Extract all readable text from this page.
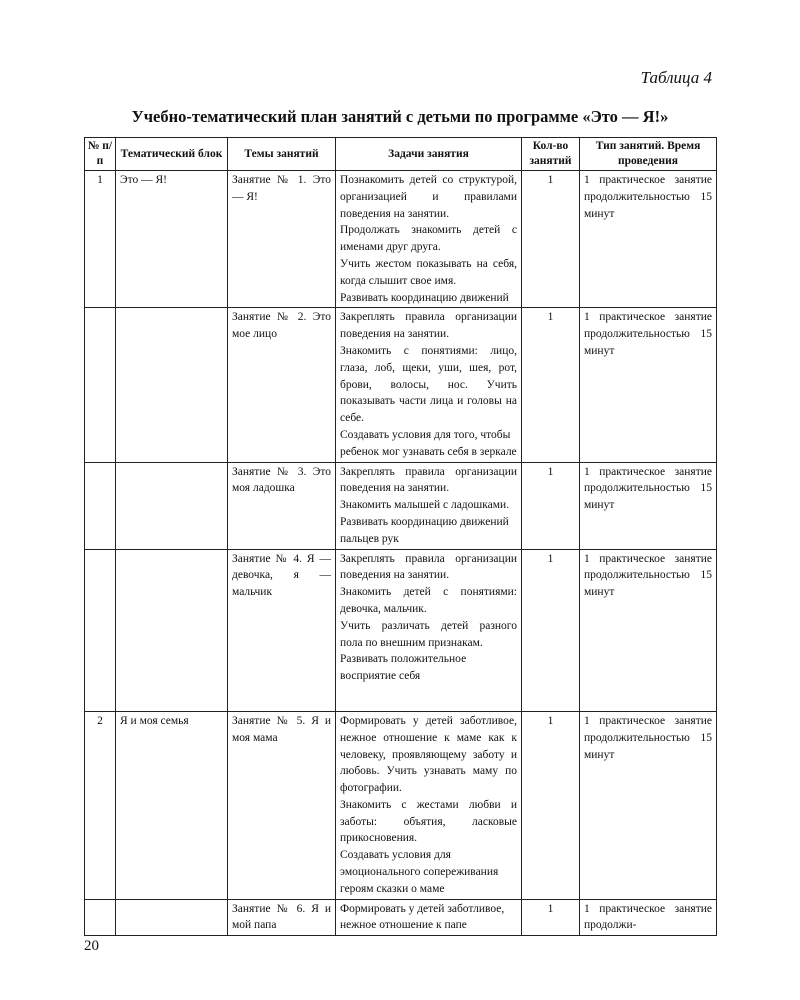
Таблица 4
Учебно-тематический план занятий с детьми по программе «Это — Я!»
№ п/п	Тематический блок	Темы занятий	Задачи занятия	Кол-во занятий	Тип занятий. Время проведения
1	Это — Я!	Занятие № 1. Это — Я!	Познакомить детей со структурой, организацией и правилами поведения на занятии.
Продолжать знакомить детей с именами друг друга.
Учить жестом показывать на себя, когда слышит свое имя.
Развивать координацию движений	1	1 практическое занятие продолжительностью 15 минут
		Занятие № 2. Это мое лицо	Закреплять правила организации поведения на занятии.
Знакомить с понятиями: лицо, глаза, лоб, щеки, уши, шея, рот, брови, волосы, нос. Учить показывать части лица и головы на себе.
Создавать условия для того, чтобы ребенок мог узнавать себя в зеркале	1	1 практическое занятие продолжительностью 15 минут
		Занятие № 3. Это моя ладошка	Закреплять правила организации поведения на занятии.
Знакомить малышей с ладошками.
Развивать координацию движений пальцев рук	1	1 практическое занятие продолжительностью 15 минут
		Занятие № 4. Я — девочка, я — мальчик	Закреплять правила организации поведения на занятии.
Знакомить детей с понятиями: девочка, мальчик.
Учить различать детей разного пола по внешним признакам.
Развивать положительное восприятие себя	1	1 практическое занятие продолжительностью 15 минут
2	Я и моя семья	Занятие № 5. Я и моя мама	Формировать у детей заботливое, нежное отношение к маме как к человеку, проявляющему заботу и любовь. Учить узнавать маму по фотографии.
Знакомить с жестами любви и заботы: объятия, ласковые прикосновения.
Создавать условия для эмоционального сопереживания героям сказки о маме	1	1 практическое занятие продолжительностью 15 минут
		Занятие № 6. Я и мой папа	Формировать у детей заботливое, нежное отношение к папе	1	1 практическое занятие продолжи-
20
